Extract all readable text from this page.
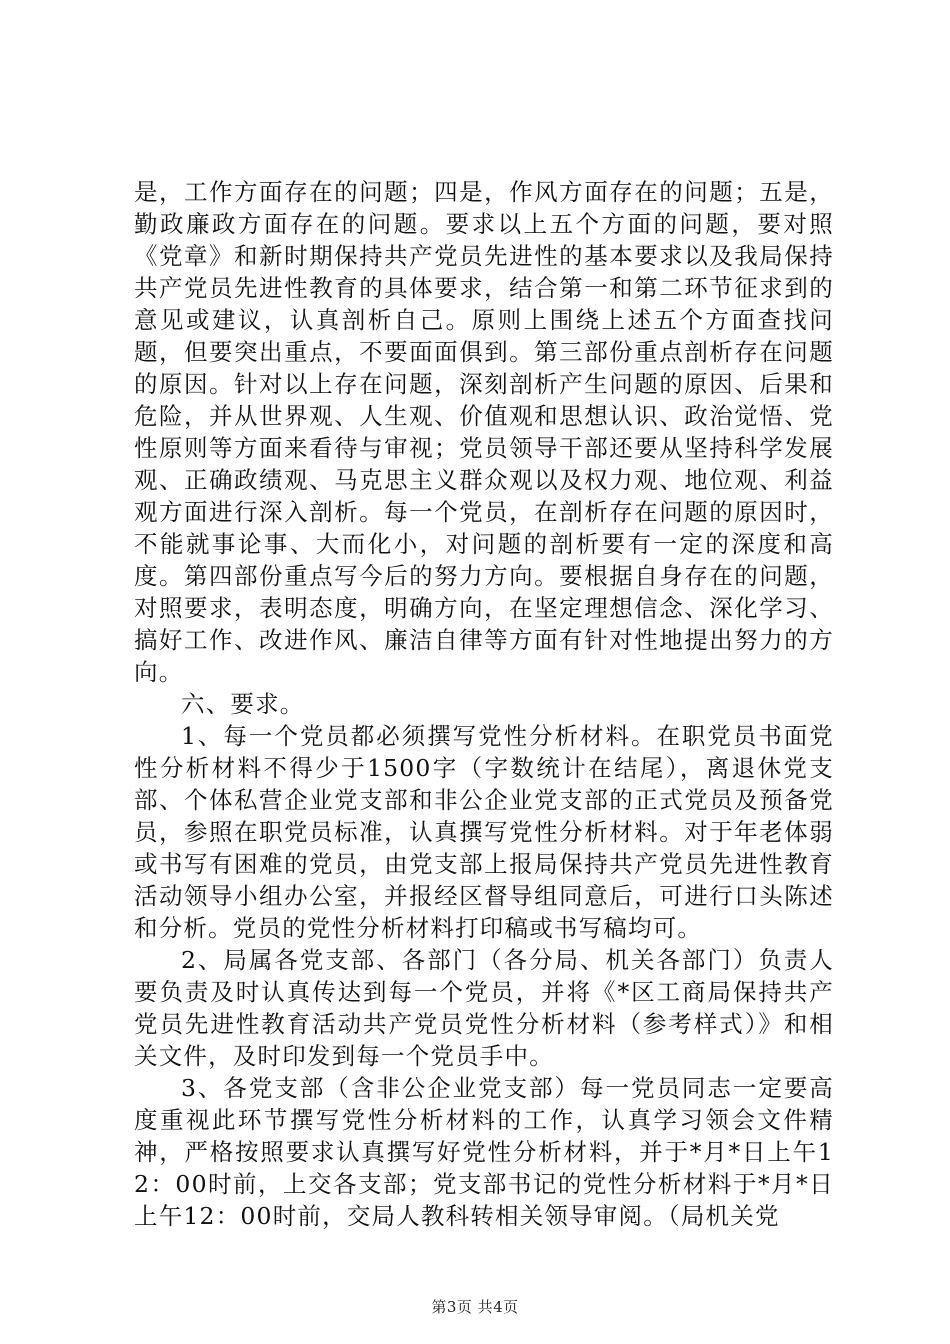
是，工作方面存在的问题；四是，作风方面存在的问题；五是，勤政廉政方面存在的问题。要求以上五个方面的问题，要对照《党章》和新时期保持共产党员先进性的基本要求以及我局保持共产党员先进性教育的具体要求，结合第一和第二环节征求到的意见或建议，认真剖析自己。原则上围绕上述五个方面查找问题，但要突出重点，不要面面俱到。第三部份重点剖析存在问题的原因。针对以上存在问题，深刻剖析产生问题的原因、后果和危险，并从世界观、人生观、价值观和思想认识、政治觉悟、党性原则等方面来看待与审视；党员领导干部还要从坚持科学发展观、正确政绩观、马克思主义群众观以及权力观、地位观、利益观方面进行深入剖析。每一个党员，在剖析存在问题的原因时，不能就事论事、大而化小，对问题的剖析要有一定的深度和高度。第四部份重点写今后的努力方向。要根据自身存在的问题，对照要求，表明态度，明确方向，在坚定理想信念、深化学习、搞好工作、改进作风、廉洁自律等方面有针对性地提出努力的方向。

六、要求。

1、每一个党员都必须撰写党性分析材料。在职党员书面党性分析材料不得少于1500字（字数统计在结尾），离退休党支部、个体私营企业党支部和非公企业党支部的正式党员及预备党员，参照在职党员标准，认真撰写党性分析材料。对于年老体弱或书写有困难的党员，由党支部上报局保持共产党员先进性教育活动领导小组办公室，并报经区督导组同意后，可进行口头陈述和分析。党员的党性分析材料打印稿或书写稿均可。

2、局属各党支部、各部门（各分局、机关各部门）负责人要负责及时认真传达到每一个党员，并将《*区工商局保持共产党员先进性教育活动共产党员党性分析材料（参考样式）》和相关文件，及时印发到每一个党员手中。

3、各党支部（含非公企业党支部）每一党员同志一定要高度重视此环节撰写党性分析材料的工作，认真学习领会文件精神，严格按照要求认真撰写好党性分析材料，并于*月*日上午12：00时前，上交各支部；党支部书记的党性分析材料于*月*日上午12：00时前，交局人教科转相关领导审阅。（局机关党

第3页 共4页
